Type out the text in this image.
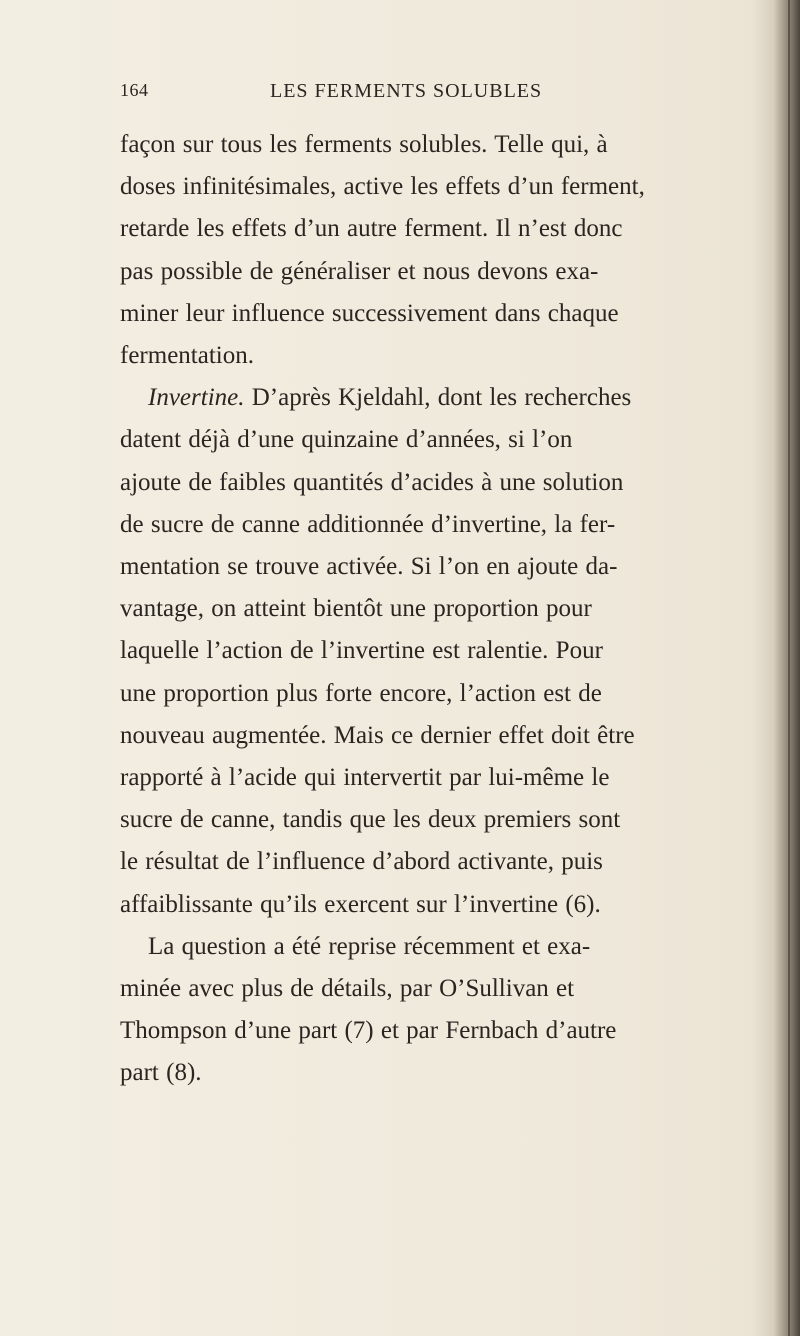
164	LES FERMENTS SOLUBLES
façon sur tous les ferments solubles. Telle qui, à
doses infinitésimales, active les effets d’un ferment,
retarde les effets d’un autre ferment. Il n’est donc
pas possible de généraliser et nous devons exa-
miner leur influence successivement dans chaque
fermentation.
Invertine. D’après Kjeldahl, dont les recherches
datent déjà d’une quinzaine d’années, si l’on
ajoute de faibles quantités d’acides à une solution
de sucre de canne additionnée d’invertine, la fer-
mentation se trouve activée. Si l’on en ajoute da-
vantage, on atteint bientôt une proportion pour
laquelle l’action de l’invertine est ralentie. Pour
une proportion plus forte encore, l’action est de
nouveau augmentée. Mais ce dernier effet doit être
rapporté à l’acide qui intervertit par lui-même le
sucre de canne, tandis que les deux premiers sont
le résultat de l’influence d’abord activante, puis
affaiblissante qu’ils exercent sur l’invertine (6).
La question a été reprise récemment et exa-
minée avec plus de détails, par O’Sullivan et
Thompson d’une part (7) et par Fernbach d’autre
part (8).
